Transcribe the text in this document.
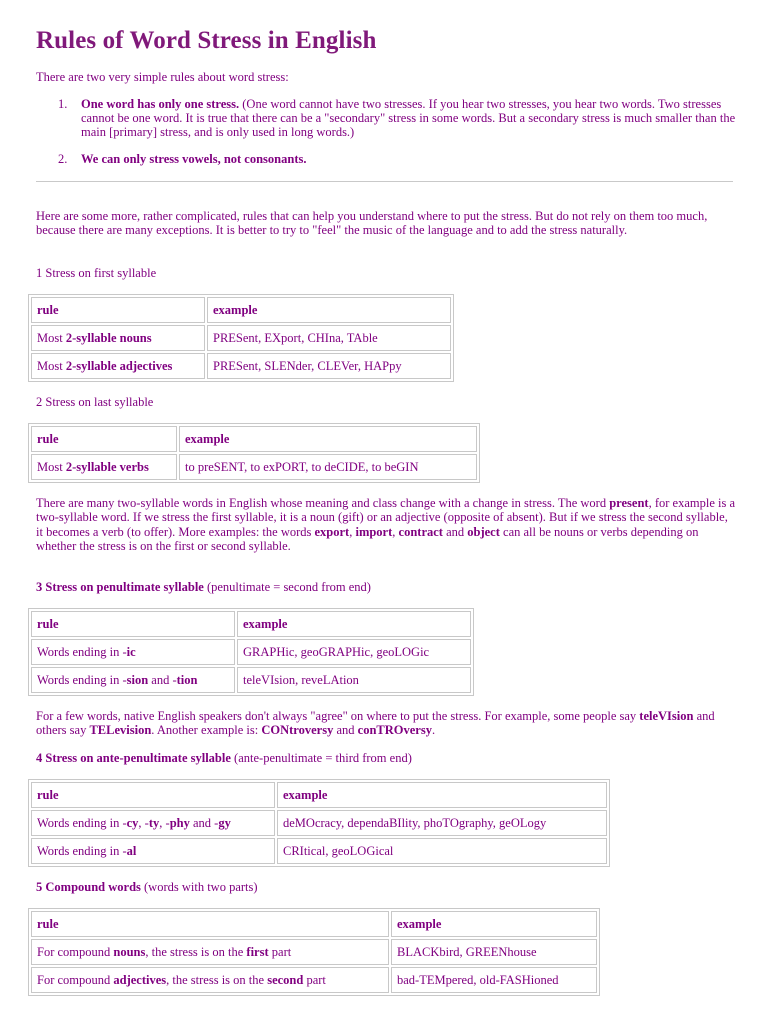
Rules of Word Stress in English

There are two very simple rules about word stress:

1. One word has only one stress. (One word cannot have two stresses. If you hear two stresses, you hear two words. Two stresses cannot be one word. It is true that there can be a "secondary" stress in some words. But a secondary stress is much smaller than the main [primary] stress, and is only used in long words.)
2. We can only stress vowels, not consonants.

Here are some more, rather complicated, rules that can help you understand where to put the stress. But do not rely on them too much, because there are many exceptions. It is better to try to "feel" the music of the language and to add the stress naturally.

1 Stress on first syllable

rule	example
Most 2-syllable nouns	PRESent, EXport, CHIna, TAble
Most 2-syllable adjectives	PRESent, SLENder, CLEVer, HAPpy

2 Stress on last syllable

rule	example
Most 2-syllable verbs	to preSENT, to exPORT, to deCIDE, to beGIN

There are many two-syllable words in English whose meaning and class change with a change in stress. The word present, for example is a two-syllable word. If we stress the first syllable, it is a noun (gift) or an adjective (opposite of absent). But if we stress the second syllable, it becomes a verb (to offer). More examples: the words export, import, contract and object can all be nouns or verbs depending on whether the stress is on the first or second syllable.

3 Stress on penultimate syllable (penultimate = second from end)

rule	example
Words ending in -ic	GRAPHic, geoGRAPHic, geoLOGic
Words ending in -sion and -tion	teleVIsion, reveLAtion

For a few words, native English speakers don't always "agree" on where to put the stress. For example, some people say teleVIsion and others say TELevision. Another example is: CONtroversy and conTROversy.

4 Stress on ante-penultimate syllable (ante-penultimate = third from end)

rule	example
Words ending in -cy, -ty, -phy and -gy	deMOcracy, dependaBIlity, phoTOgraphy, geOLogy
Words ending in -al	CRItical, geoLOGical

5 Compound words (words with two parts)

rule	example
For compound nouns, the stress is on the first part	BLACKbird, GREENhouse
For compound adjectives, the stress is on the second part	bad-TEMpered, old-FASHioned
